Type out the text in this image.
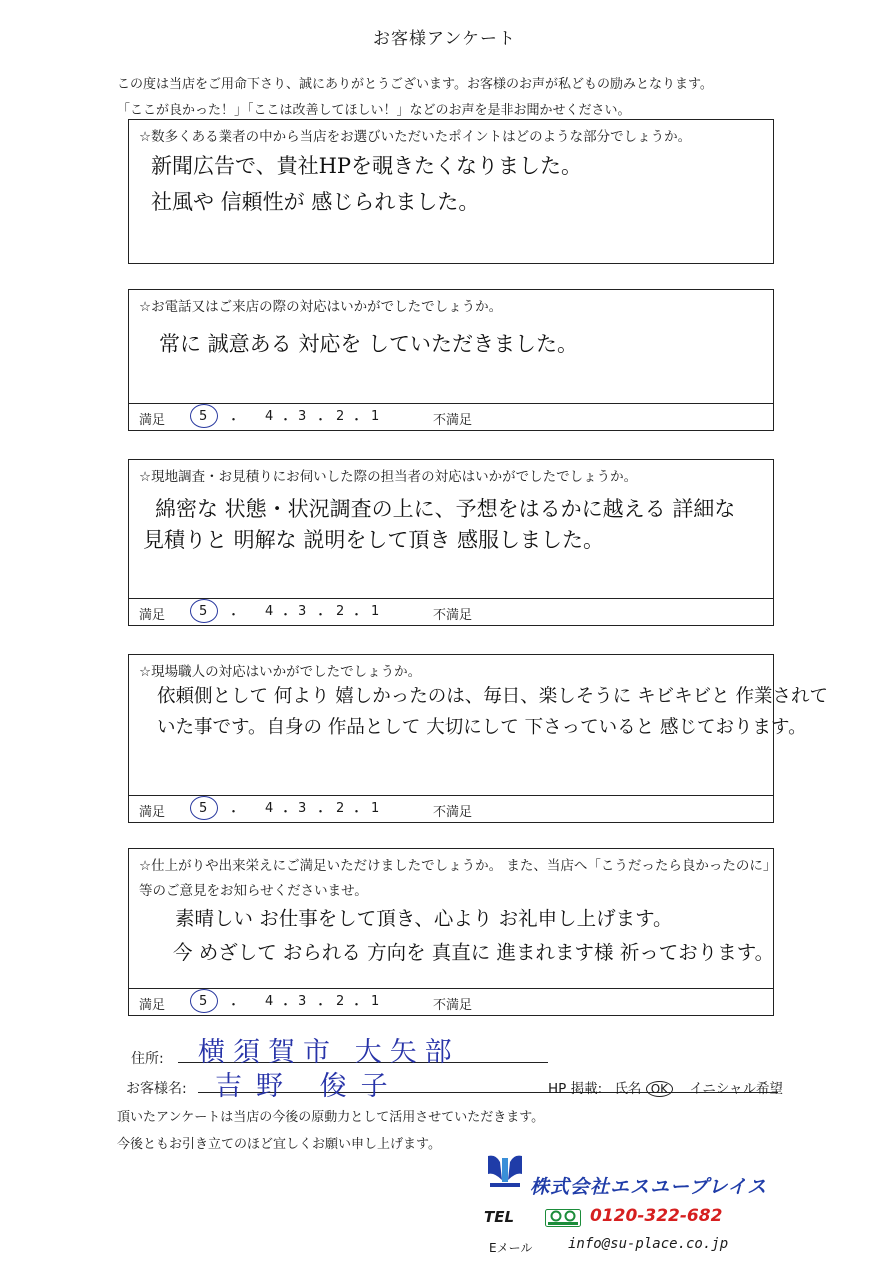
お客様アンケート
この度は当店をご用命下さり、誠にありがとうございます。お客様のお声が私どもの励みとなります。
「ここが良かった！」「ここは改善してほしい！」などのお声を是非お聞かせください。
☆数多くある業者の中から当店をお選びいただいたポイントはどのような部分でしょうか。
新聞広告で、貴社HPを覗きたくなりました。
社風や 信頼性が 感じられました。
☆お電話又はご来店の際の対応はいかがでしたでしょうか。
常に 誠意ある 対応を していただきました。
満足	5 ・ 4 ・ 3 ・ 2 ・ 1	不満足
☆現地調査・お見積りにお伺いした際の担当者の対応はいかがでしたでしょうか。
綿密な 状態・状況調査の上に、予想をはるかに越える 詳細な
見積りと 明解な 説明をして頂き 感服しました。
満足	5 ・ 4 ・ 3 ・ 2 ・ 1	不満足
☆現場職人の対応はいかがでしたでしょうか。
依頼側として 何より 嬉しかったのは、毎日、楽しそうに キビキビと 作業されて
いた事です。自身の 作品として 大切にして 下さっていると 感じております。
満足	5 ・ 4 ・ 3 ・ 2 ・ 1	不満足
☆仕上がりや出来栄えにご満足いただけましたでしょうか。 また、当店へ「こうだったら良かったのに」
等のご意見をお知らせくださいませ。
素晴しい お仕事をして頂き、心より お礼申し上げます。
今 めざして おられる 方向を 真直に 進まれます様 祈っております。
満足	5 ・ 4 ・ 3 ・ 2 ・ 1	不満足
住所: 横須賀市 大矢部
お客様名: 吉野 俊子	HP 掲載: 氏名 OK イニシャル希望
頂いたアンケートは当店の今後の原動力として活用させていただきます。
今後ともお引き立てのほど宜しくお願い申し上げます。
株式会社エスユープレイス
TEL	0120-322-682
Eメール	info@su-place.co.jp
